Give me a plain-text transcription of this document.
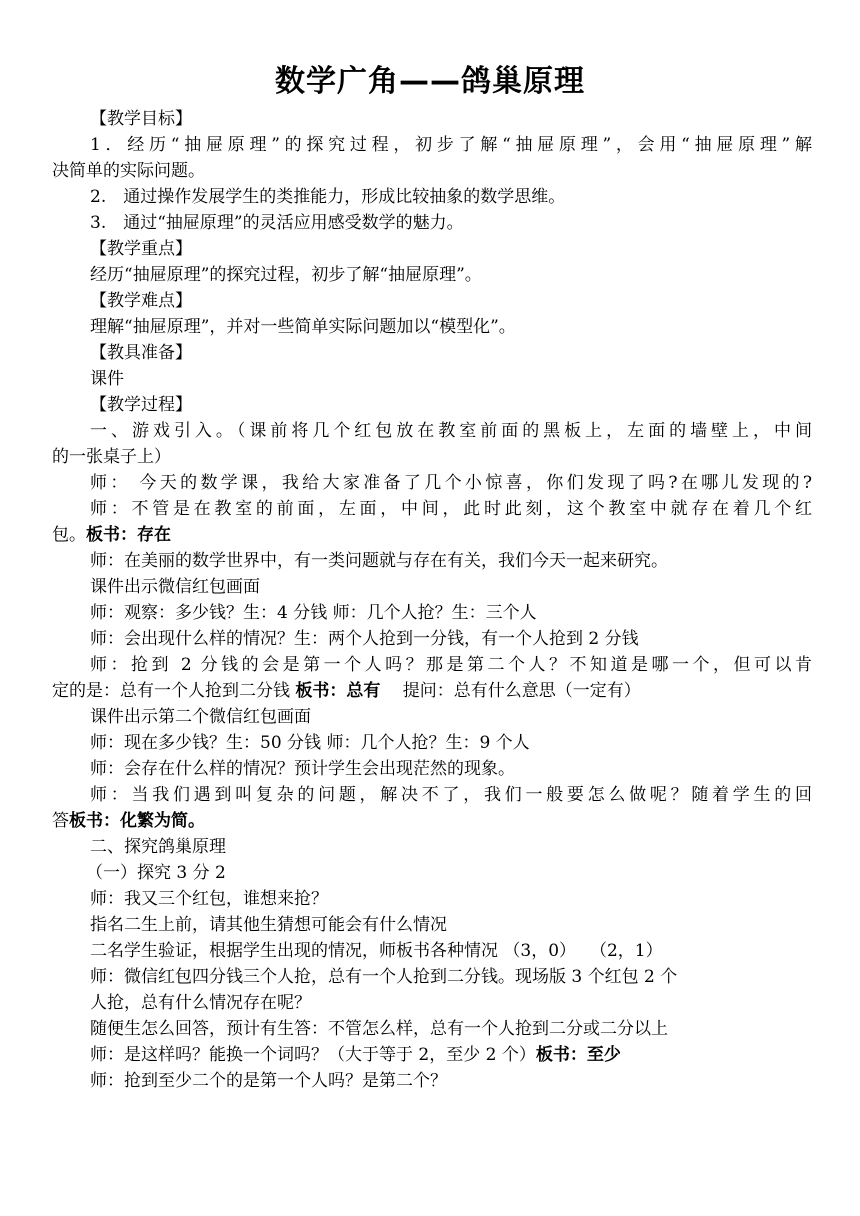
数学广角——鸽巢原理
【教学目标】
1．经历“抽屉原理”的探究过程，初步了解“抽屉原理”，会用“抽屉原理”解
决简单的实际问题。
2.　通过操作发展学生的类推能力，形成比较抽象的数学思维。
3.　通过“抽屉原理”的灵活应用感受数学的魅力。
【教学重点】
经历“抽屉原理”的探究过程，初步了解“抽屉原理”。
【教学难点】
理解“抽屉原理”，并对一些简单实际问题加以“模型化”。
【教具准备】
课件
【教学过程】
一、游戏引入。（课前将几个红包放在教室前面的黑板上，左面的墙壁上，中间
的一张桌子上）
师： 今天的数学课，我给大家准备了几个小惊喜，你们发现了吗?在哪儿发现的?
师：不管是在教室的前面，左面，中间，此时此刻，这个教室中就存在着几个红
包。板书：存在
师：在美丽的数学世界中，有一类问题就与存在有关，我们今天一起来研究。
课件出示微信红包画面
师：观察：多少钱？生：4 分钱 师：几个人抢？生：三个人
师：会出现什么样的情况？生：两个人抢到一分钱，有一个人抢到 2 分钱
师：抢到 2 分钱的会是第一个人吗？那是第二个人？不知道是哪一个，但可以肯
定的是：总有一个人抢到二分钱 板书：总有　 提问：总有什么意思（一定有）
课件出示第二个微信红包画面
师：现在多少钱？生：50 分钱 师：几个人抢？生：9 个人
师：会存在什么样的情况？预计学生会出现茫然的现象。
师：当我们遇到叫复杂的问题，解决不了，我们一般要怎么做呢？随着学生的回
答板书：化繁为简。
二、探究鸽巢原理
（一）探究 3 分 2
师：我又三个红包，谁想来抢？
指名二生上前，请其他生猜想可能会有什么情况
二名学生验证，根据学生出现的情况，师板书各种情况 （3，0）　 （2，1）
师：微信红包四分钱三个人抢，总有一个人抢到二分钱。现场版 3 个红包 2 个
人抢，总有什么情况存在呢？
随便生怎么回答，预计有生答：不管怎么样，总有一个人抢到二分或二分以上
师：是这样吗？能换一个词吗？（大于等于 2，至少 2 个）板书：至少
师：抢到至少二个的是第一个人吗？是第二个？
